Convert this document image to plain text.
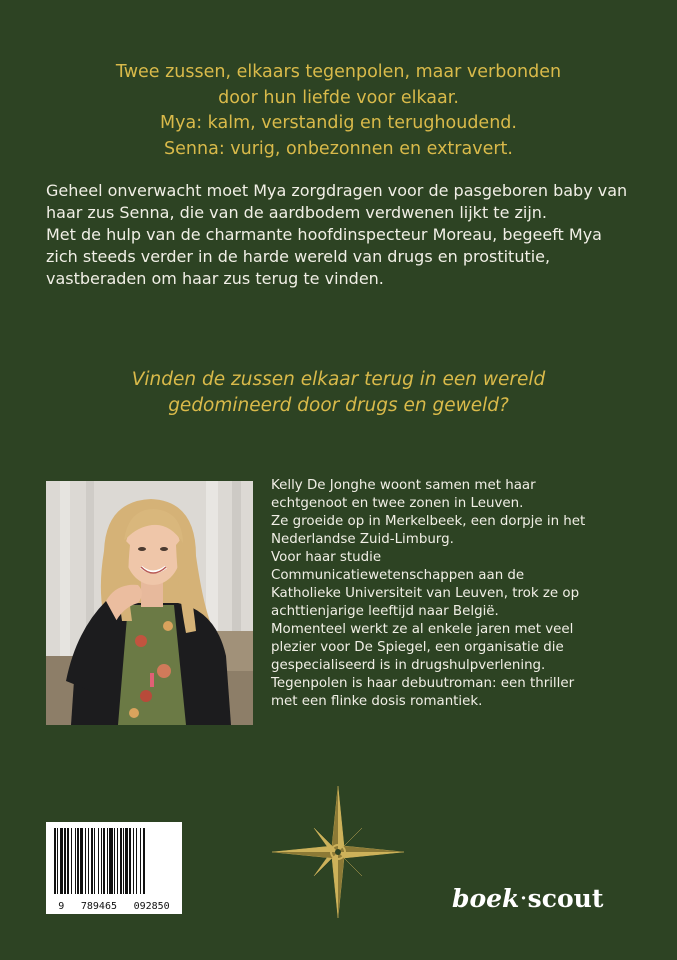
Twee zussen, elkaars tegenpolen, maar verbonden
door hun liefde voor elkaar.
Mya: kalm, verstandig en terughoudend.
Senna: vurig, onbezonnen en extravert.

Geheel onverwacht moet Mya zorgdragen voor de pasgeboren baby van haar zus Senna, die van de aardbodem verdwenen lijkt te zijn.

Met de hulp van de charmante hoofdinspecteur Moreau, begeeft Mya zich steeds verder in de harde wereld van drugs en prostitutie, vastberaden om haar zus terug te vinden.

Vinden de zussen elkaar terug in een wereld
gedomineerd door drugs en geweld?
Kelly De Jonghe woont samen met haar
echtgenoot en twee zonen in Leuven.
Ze groeide op in Merkelbeek, een dorpje in het
Nederlandse Zuid-Limburg.
Voor haar studie
Communicatiewetenschappen aan de
Katholieke Universiteit van Leuven, trok ze op
achttienjarige leeftijd naar België.
Momenteel werkt ze al enkele jaren met veel
plezier voor De Spiegel, een organisatie die
gespecialiseerd is in drugshulpverlening.
Tegenpolen is haar debuutroman: een thriller
met een flinke dosis romantiek.
9 789465 092850	boek·scout
